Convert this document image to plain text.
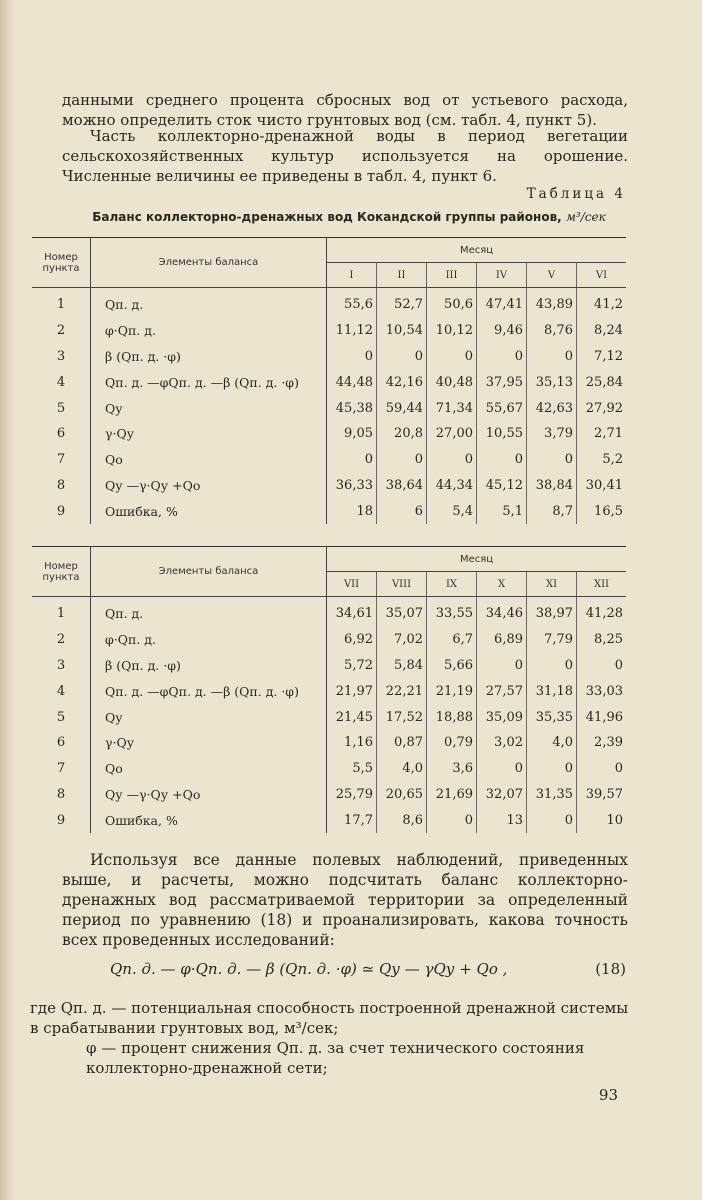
данными среднего процента сбросных вод от устьевого расхода, можно определить сток чисто грунтовых вод (см. табл. 4, пункт 5).

Часть коллекторно-дренажной воды в период вегетации сельскохозяйственных культур используется на орошение. Численные величины ее приведены в табл. 4, пункт 6.

Таблица 4
Баланс коллекторно-дренажных вод Кокандской группы районов, м³/сек
Номер пункта	Элементы баланса	Месяц					
		I	II	III	IV	V	VI
1	Qп. д.	55,6	52,7	50,6	47,41	43,89	41,2
2	φ·Qп. д.	11,12	10,54	10,12	9,46	8,76	8,24
3	β (Qп. д. ·φ)	0	0	0	0	0	7,12
4	Qп. д. —φQп. д. —β (Qп. д. ·φ)	44,48	42,16	40,48	37,95	35,13	25,84
5	Qу	45,38	59,44	71,34	55,67	42,63	27,92
6	γ·Qу	9,05	20,8	27,00	10,55	3,79	2,71
7	Qо	0	0	0	0	0	5,2
8	Qу —γ·Qу +Qо	36,33	38,64	44,34	45,12	38,84	30,41
9	Ошибка, %	18	6	5,4	5,1	8,7	16,5
Номер пункта	Элементы баланса	Месяц					
		VII	VIII	IX	X	XI	XII
1	Qп. д.	34,61	35,07	33,55	34,46	38,97	41,28
2	φ·Qп. д.	6,92	7,02	6,7	6,89	7,79	8,25
3	β (Qп. д. ·φ)	5,72	5,84	5,66	0	0	0
4	Qп. д. —φQп. д. —β (Qп. д. ·φ)	21,97	22,21	21,19	27,57	31,18	33,03
5	Qу	21,45	17,52	18,88	35,09	35,35	41,96
6	γ·Qу	1,16	0,87	0,79	3,02	4,0	2,39
7	Qо	5,5	4,0	3,6	0	0	0
8	Qу —γ·Qу +Qо	25,79	20,65	21,69	32,07	31,35	39,57
9	Ошибка, %	17,7	8,6	0	13	0	10

Используя все данные полевых наблюдений, приведенных выше, и расчеты, можно подсчитать баланс коллекторно-дренажных вод рассматриваемой территории за определенный период по уравнению (18) и проанализировать, какова точность всех проведенных исследований:

Qп. д. — φ·Qп. д. — β (Qп. д. ·φ) ≃ Qу — γQу + Qо ,	(18)

где Qп. д. — потенциальная способность построенной дренажной системы в срабатывании грунтовых вод, м³/сек;

φ — процент снижения Qп. д. за счет технического состояния коллекторно-дренажной сети;

93
